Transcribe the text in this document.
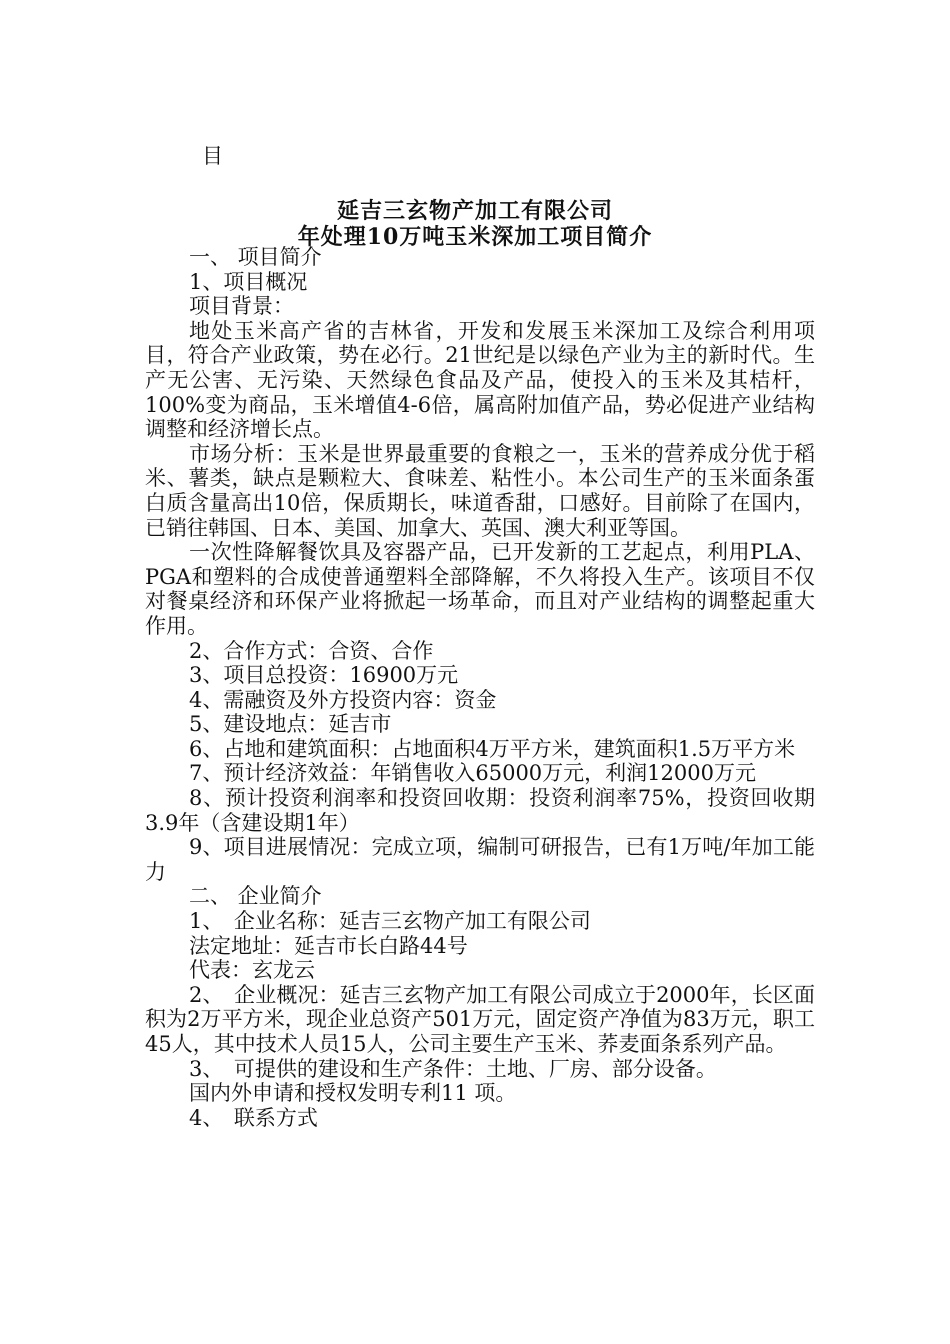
目
延吉三玄物产加工有限公司
年处理10万吨玉米深加工项目简介

一、 项目简介

1、项目概况

项目背景：

地处玉米高产省的吉林省，开发和发展玉米深加工及综合利用项目，符合产业政策，势在必行。21世纪是以绿色产业为主的新时代。生产无公害、无污染、天然绿色食品及产品，使投入的玉米及其桔杆，100%变为商品，玉米增值4-6倍，属高附加值产品，势必促进产业结构调整和经济增长点。

市场分析：玉米是世界最重要的食粮之一，玉米的营养成分优于稻米、薯类，缺点是颗粒大、食味差、粘性小。本公司生产的玉米面条蛋白质含量高出10倍，保质期长，味道香甜，口感好。目前除了在国内，已销往韩国、日本、美国、加拿大、英国、澳大利亚等国。

一次性降解餐饮具及容器产品，已开发新的工艺起点，利用PLA、PGA和塑料的合成使普通塑料全部降解，不久将投入生产。该项目不仅对餐桌经济和环保产业将掀起一场革命，而且对产业结构的调整起重大作用。

2、合作方式：合资、合作

3、项目总投资：16900万元

4、需融资及外方投资内容：资金

5、建设地点：延吉市

6、占地和建筑面积：占地面积4万平方米，建筑面积1.5万平方米

7、预计经济效益：年销售收入65000万元，利润12000万元

8、预计投资利润率和投资回收期：投资利润率75%，投资回收期3.9年（含建设期1年）

9、项目进展情况：完成立项，编制可研报告，已有1万吨/年加工能力

二、 企业简介

1、　企业名称：延吉三玄物产加工有限公司

法定地址：延吉市长白路44号

代表：玄龙云

2、　企业概况：延吉三玄物产加工有限公司成立于2000年，长区面积为2万平方米，现企业总资产501万元，固定资产净值为83万元，职工45人，其中技术人员15人，公司主要生产玉米、荞麦面条系列产品。

3、　可提供的建设和生产条件：土地、厂房、部分设备。

国内外申请和授权发明专利11 项。

4、　联系方式
